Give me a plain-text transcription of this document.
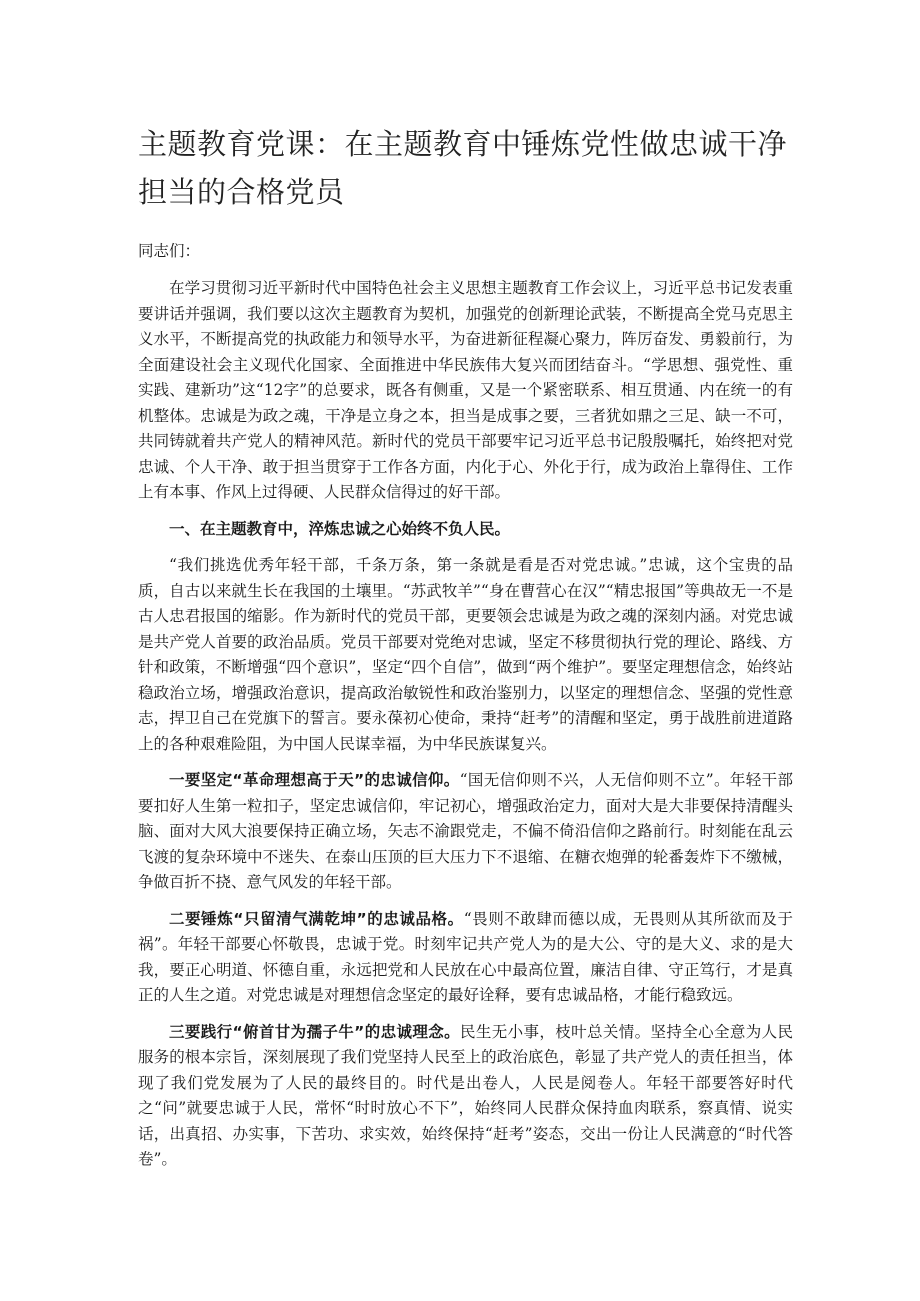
主题教育党课：在主题教育中锤炼党性做忠诚干净担当的合格党员
同志们：

在学习贯彻习近平新时代中国特色社会主义思想主题教育工作会议上，习近平总书记发表重要讲话并强调，我们要以这次主题教育为契机，加强党的创新理论武装，不断提高全党马克思主义水平，不断提高党的执政能力和领导水平，为奋进新征程凝心聚力，阵厉奋发、勇毅前行，为全面建设社会主义现代化国家、全面推进中华民族伟大复兴而团结奋斗。“学思想、强党性、重实践、建新功”这“12字”的总要求，既各有侧重，又是一个紧密联系、相互贯通、内在统一的有机整体。忠诚是为政之魂，干净是立身之本，担当是成事之要，三者犹如鼎之三足、缺一不可，共同铸就着共产党人的精神风范。新时代的党员干部要牢记习近平总书记殷殷嘱托，始终把对党忠诚、个人干净、敢于担当贯穿于工作各方面，内化于心、外化于行，成为政治上靠得住、工作上有本事、作风上过得硬、人民群众信得过的好干部。

一、在主题教育中，淬炼忠诚之心始终不负人民。

“我们挑选优秀年轻干部，千条万条，第一条就是看是否对党忠诚。”忠诚，这个宝贵的品质，自古以来就生长在我国的土壤里。“苏武牧羊”“身在曹营心在汉”“精忠报国”等典故无一不是古人忠君报国的缩影。作为新时代的党员干部，更要领会忠诚是为政之魂的深刻内涵。对党忠诚是共产党人首要的政治品质。党员干部要对党绝对忠诚，坚定不移贯彻执行党的理论、路线、方针和政策，不断增强“四个意识”，坚定“四个自信”，做到“两个维护”。要坚定理想信念，始终站稳政治立场，增强政治意识，提高政治敏锐性和政治鉴别力，以坚定的理想信念、坚强的党性意志，捍卫自己在党旗下的誓言。要永葆初心使命，秉持“赶考”的清醒和坚定，勇于战胜前进道路上的各种艰难险阻，为中国人民谋幸福，为中华民族谋复兴。

一要坚定“革命理想高于天”的忠诚信仰。“国无信仰则不兴，人无信仰则不立”。年轻干部要扣好人生第一粒扣子，坚定忠诚信仰，牢记初心，增强政治定力，面对大是大非要保持清醒头脑、面对大风大浪要保持正确立场，矢志不渝跟党走，不偏不倚沿信仰之路前行。时刻能在乱云飞渡的复杂环境中不迷失、在泰山压顶的巨大压力下不退缩、在糖衣炮弹的轮番轰炸下不缴械，争做百折不挠、意气风发的年轻干部。

二要锤炼“只留清气满乾坤”的忠诚品格。“畏则不敢肆而德以成，无畏则从其所欲而及于祸”。年轻干部要心怀敬畏，忠诚于党。时刻牢记共产党人为的是大公、守的是大义、求的是大我，要正心明道、怀德自重，永远把党和人民放在心中最高位置，廉洁自律、守正笃行，才是真正的人生之道。对党忠诚是对理想信念坚定的最好诠释，要有忠诚品格，才能行稳致远。

三要践行“俯首甘为孺子牛”的忠诚理念。民生无小事，枝叶总关情。坚持全心全意为人民服务的根本宗旨，深刻展现了我们党坚持人民至上的政治底色，彰显了共产党人的责任担当，体现了我们党发展为了人民的最终目的。时代是出卷人，人民是阅卷人。年轻干部要答好时代之“问”就要忠诚于人民，常怀“时时放心不下”，始终同人民群众保持血肉联系，察真情、说实话，出真招、办实事，下苦功、求实效，始终保持“赶考”姿态，交出一份让人民满意的“时代答卷”。
